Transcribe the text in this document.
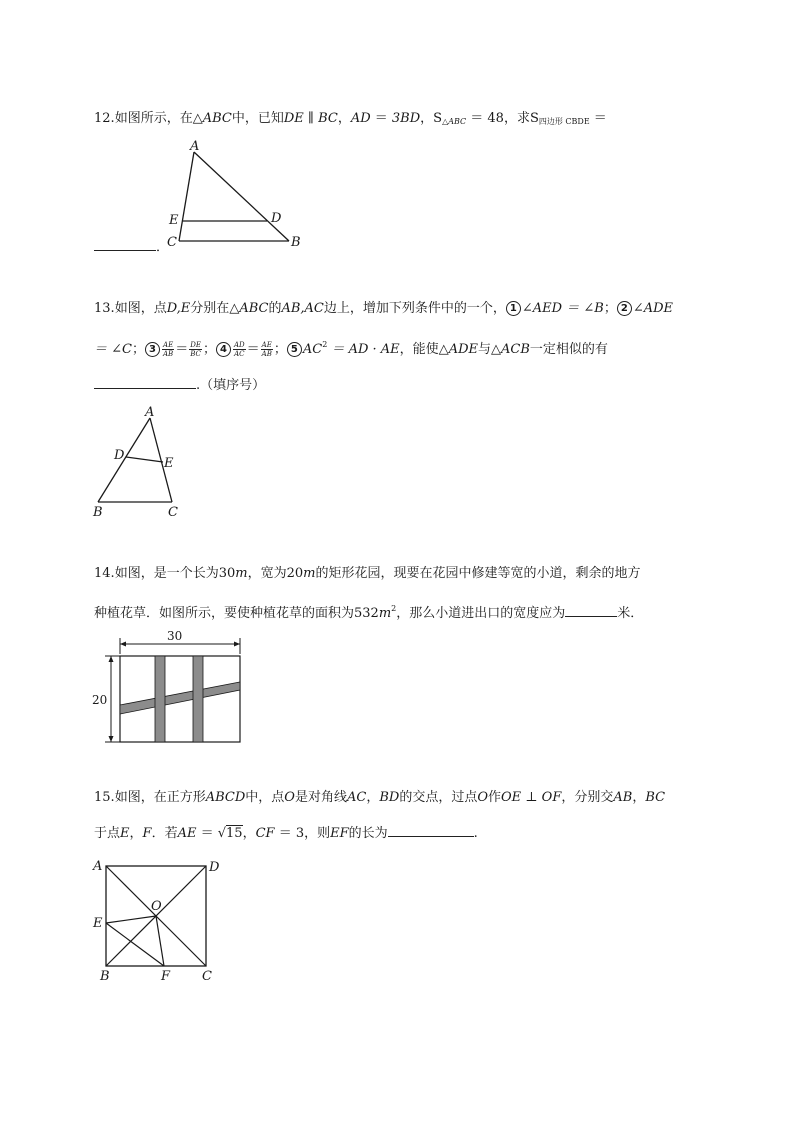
12.如图所示，在△ABC中，已知DE ∥ BC，AD ＝ 3BD，$S_{\triangle ABC} = 48$，求$S_{四边形 CBDE}$ ＝
．
A
E	D
C	B
13.如图，点D,E分别在△ABC的AB,AC边上，增加下列条件中的一个， 1 ∠AED ＝ ∠B； 2 ∠ADE
＝ ∠C； $3 \frac{AE}{AB} = \frac{DE}{BC}$ ； $4 \frac{AD}{AC} = \frac{AE}{AB}$ ； 5 $AC^2$ ＝ AD · AE，能使△ADE与△ACB一定相似的有
.（填序号）
A
D
E
B	C
14.如图，是一个长为30m，宽为20m的矩形花园，现要在花园中修建等宽的小道，剩余的地方
种植花草．如图所示，要使种植花草的面积为$532m^2$，那么小道进出口的宽度应为	米．
30
20
15.如图，在正方形ABCD中，点O是对角线AC，BD的交点，过点O作OE ⊥ OF，分别交AB，BC
于点E，F．若AE ＝ √15，CF ＝ 3，则EF的长为	.
A	D
O
E
B	F C
